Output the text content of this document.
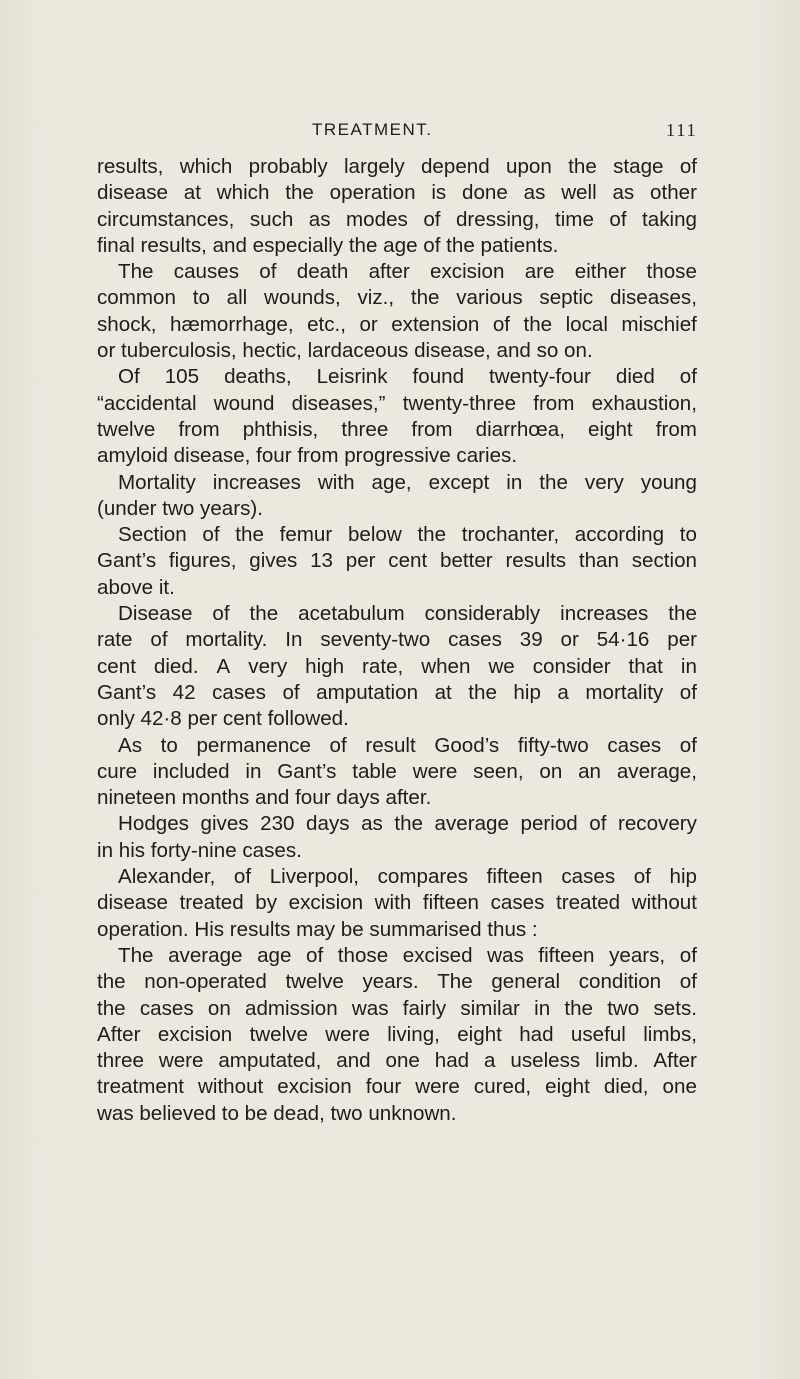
TREATMENT.	111
results, which probably largely depend upon the stage of
disease at which the operation is done as well as other
circumstances, such as modes of dressing, time of taking
final results, and especially the age of the patients.
The causes of death after excision are either those
common to all wounds, viz., the various septic diseases,
shock, hæmorrhage, etc., or extension of the local mischief
or tuberculosis, hectic, lardaceous disease, and so on.
Of 105 deaths, Leisrink found twenty-four died of
“accidental wound diseases,” twenty-three from exhaustion,
twelve from phthisis, three from diarrhœa, eight from
amyloid disease, four from progressive caries.
Mortality increases with age, except in the very young
(under two years).
Section of the femur below the trochanter, according to
Gant’s figures, gives 13 per cent better results than section
above it.
Disease of the acetabulum considerably increases the
rate of mortality. In seventy-two cases 39 or 54·16 per
cent died. A very high rate, when we consider that in
Gant’s 42 cases of amputation at the hip a mortality of
only 42·8 per cent followed.
As to permanence of result Good’s fifty-two cases of
cure included in Gant’s table were seen, on an average,
nineteen months and four days after.
Hodges gives 230 days as the average period of recovery
in his forty-nine cases.
Alexander, of Liverpool, compares fifteen cases of hip
disease treated by excision with fifteen cases treated without
operation. His results may be summarised thus :
The average age of those excised was fifteen years, of
the non-operated twelve years. The general condition of
the cases on admission was fairly similar in the two sets.
After excision twelve were living, eight had useful limbs,
three were amputated, and one had a useless limb. After
treatment without excision four were cured, eight died, one
was believed to be dead, two unknown.
